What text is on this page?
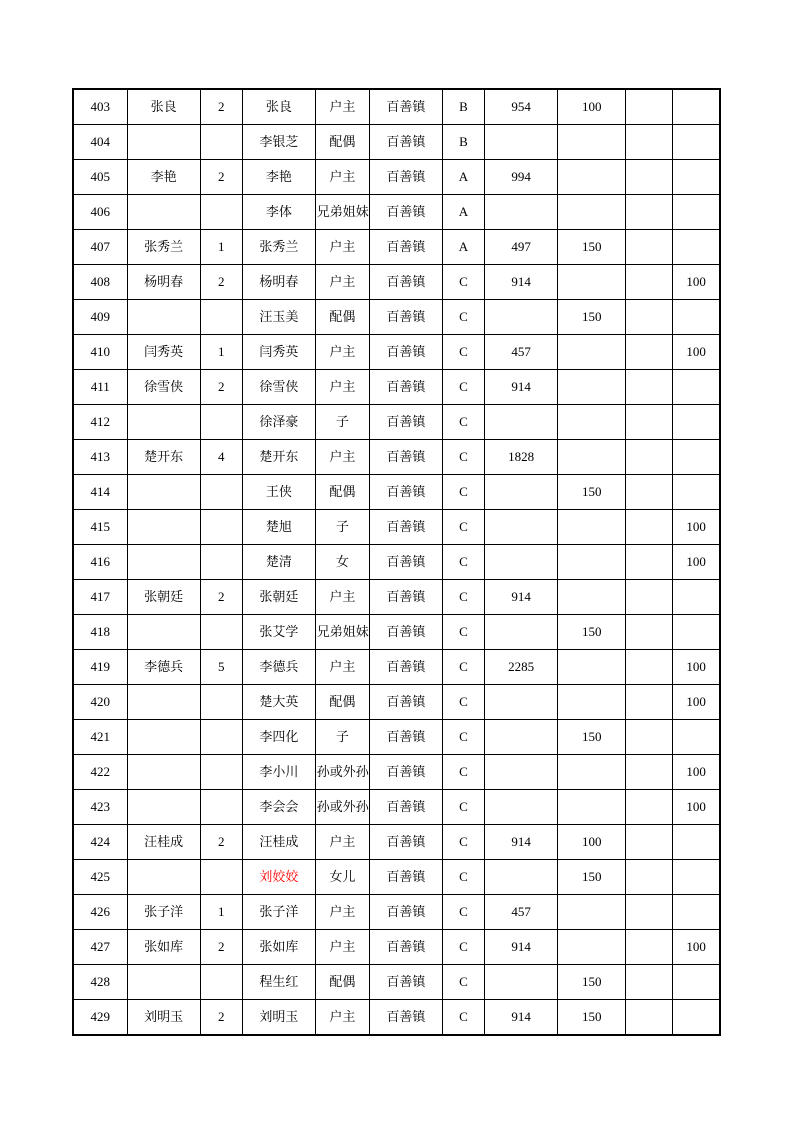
403	张良	2	张良	户主	百善镇	B	954	100		
404			李银芝	配偶	百善镇	B				
405	李艳	2	李艳	户主	百善镇	A	994			
406			李体	兄弟姐妹	百善镇	A				
407	张秀兰	1	张秀兰	户主	百善镇	A	497	150		
408	杨明春	2	杨明春	户主	百善镇	C	914			100
409			汪玉美	配偶	百善镇	C		150		
410	闫秀英	1	闫秀英	户主	百善镇	C	457			100
411	徐雪侠	2	徐雪侠	户主	百善镇	C	914			
412			徐泽豪	子	百善镇	C				
413	楚开东	4	楚开东	户主	百善镇	C	1828			
414			王侠	配偶	百善镇	C		150		
415			楚旭	子	百善镇	C				100
416			楚清	女	百善镇	C				100
417	张朝廷	2	张朝廷	户主	百善镇	C	914			
418			张艾学	兄弟姐妹	百善镇	C		150		
419	李德兵	5	李德兵	户主	百善镇	C	2285			100
420			楚大英	配偶	百善镇	C				100
421			李四化	子	百善镇	C		150		
422			李小川	孙或外孙	百善镇	C				100
423			李会会	孙或外孙	百善镇	C				100
424	汪桂成	2	汪桂成	户主	百善镇	C	914	100		
425			刘姣姣	女儿	百善镇	C		150		
426	张子洋	1	张子洋	户主	百善镇	C	457			
427	张如库	2	张如库	户主	百善镇	C	914			100
428			程生红	配偶	百善镇	C		150		
429	刘明玉	2	刘明玉	户主	百善镇	C	914	150		
